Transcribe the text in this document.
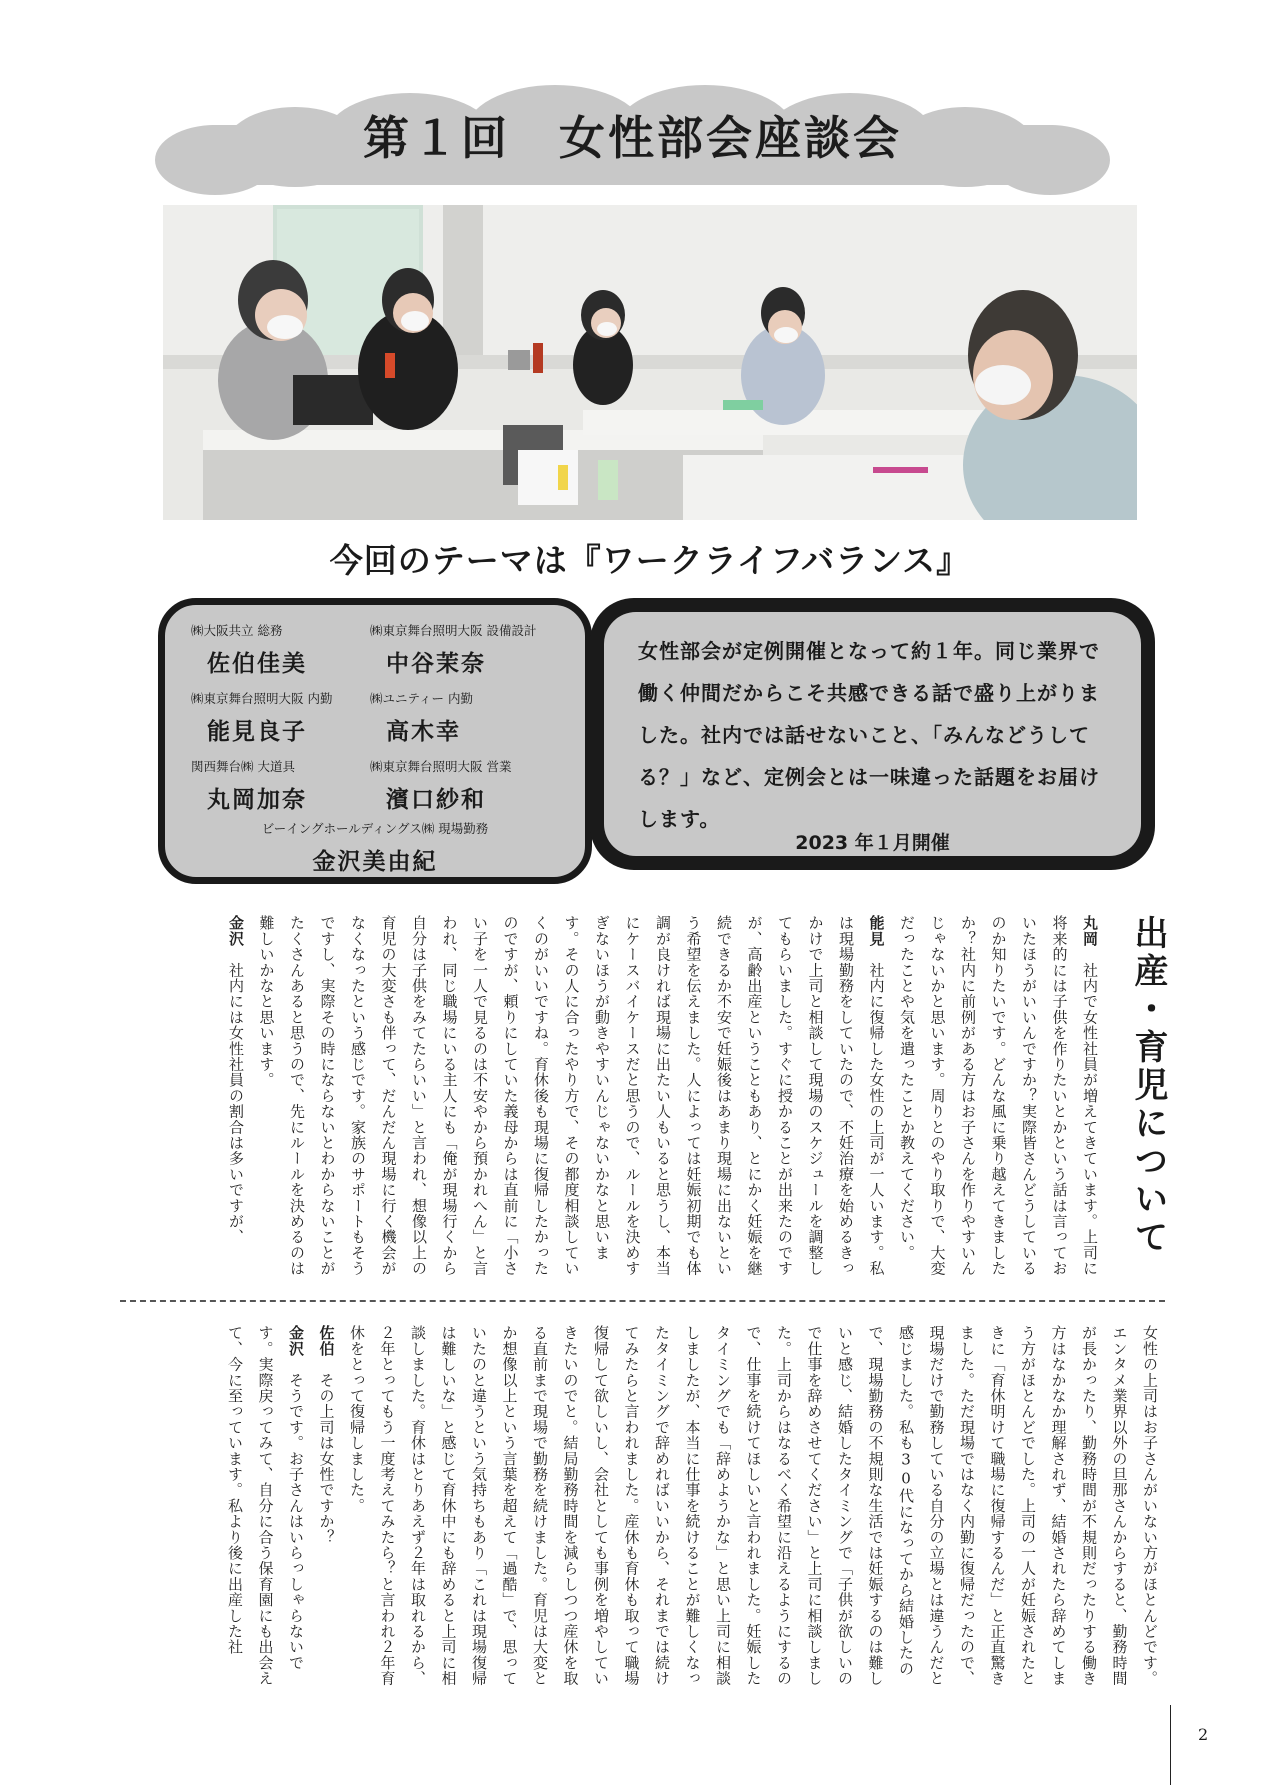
第１回　女性部会座談会
今回のテーマは『ワークライフバランス』
㈱大阪共立 総務
佐伯佳美
㈱東京舞台照明大阪 設備設計
中谷茉奈
㈱東京舞台照明大阪 内勤
能見良子
㈱ユニティー 内勤
高木幸
関西舞台㈱ 大道具
丸岡加奈
㈱東京舞台照明大阪 営業
濱口紗和
ビーイングホールディングス㈱ 現場勤務
金沢美由紀
女性部会が定例開催となって約１年。同じ業界で働く仲間だからこそ共感できる話で盛り上がりました。社内では話せないこと、「みんなどうしてる？」など、定例会とは一味違った話題をお届けします。
2023 年１月開催
出産・育児について

丸岡　社内で女性社員が増えてきています。上司に将来的には子供を作りたいとかという話は言っておいたほうがいいんですか？実際皆さんどうしているのか知りたいです。どんな風に乗り越えてきましたか？社内に前例がある方はお子さんを作りやすいんじゃないかと思います。周りとのやり取りで、大変だったことや気を遣ったことか教えてください。

能見　社内に復帰した女性の上司が一人います。私は現場勤務をしていたので、不妊治療を始めるきっかけで上司と相談して現場のスケジュールを調整してもらいました。すぐに授かることが出来たのですが、高齢出産ということもあり、とにかく妊娠を継続できるか不安で妊娠後はあまり現場に出ないという希望を伝えました。人によっては妊娠初期でも体調が良ければ現場に出たい人もいると思うし、本当にケースバイケースだと思うので、ルールを決めすぎないほうが動きやすいんじゃないかなと思います。その人に合ったやり方で、その都度相談していくのがいいですね。育休後も現場に復帰したかったのですが、頼りにしていた義母からは直前に「小さい子を一人で見るのは不安やから預かれへん」と言われ、同じ職場にいる主人にも「俺が現場行くから自分は子供をみてたらいい」と言われ、想像以上の育児の大変さも伴って、だんだん現場に行く機会がなくなったという感じです。家族のサポートもそうですし、実際その時にならないとわからないことがたくさんあると思うので、先にルールを決めるのは難しいかなと思います。

金沢　社内には女性社員の割合は多いですが、

女性の上司はお子さんがいない方がほとんどです。エンタメ業界以外の旦那さんからすると、勤務時間が長かったり、勤務時間が不規則だったりする働き方はなかなか理解されず、結婚されたら辞めてしまう方がほとんどでした。上司の一人が妊娠されたときに「育休明けて職場に復帰するんだ」と正直驚きました。ただ現場ではなく内勤に復帰だったので、現場だけで勤務している自分の立場とは違うんだと感じました。私も30代になってから結婚したので、現場勤務の不規則な生活では妊娠するのは難しいと感じ、結婚したタイミングで「子供が欲しいので仕事を辞めさせてください」と上司に相談しました。上司からはなるべく希望に沿えるようにするので、仕事を続けてほしいと言われました。妊娠したタイミングでも「辞めようかな」と思い上司に相談しましたが、本当に仕事を続けることが難しくなったタイミングで辞めればいいから、それまでは続けてみたらと言われました。産休も育休も取って職場復帰して欲しいし、会社としても事例を増やしていきたいのでと。結局勤務時間を減らしつつ産休を取る直前まで現場で勤務を続けました。育児は大変とか想像以上という言葉を超えて「過酷」で、思っていたのと違うという気持ちもあり「これは現場復帰は難しいな」と感じて育休中にも辞めると上司に相談しました。育休はとりあえず２年は取れるから、２年とってもう一度考えてみたら？と言われ２年育休をとって復帰しました。

佐伯　その上司は女性ですか？

金沢　そうです。お子さんはいらっしゃらないです。実際戻ってみて、自分に合う保育園にも出会えて、今に至っています。私より後に出産した社

2
